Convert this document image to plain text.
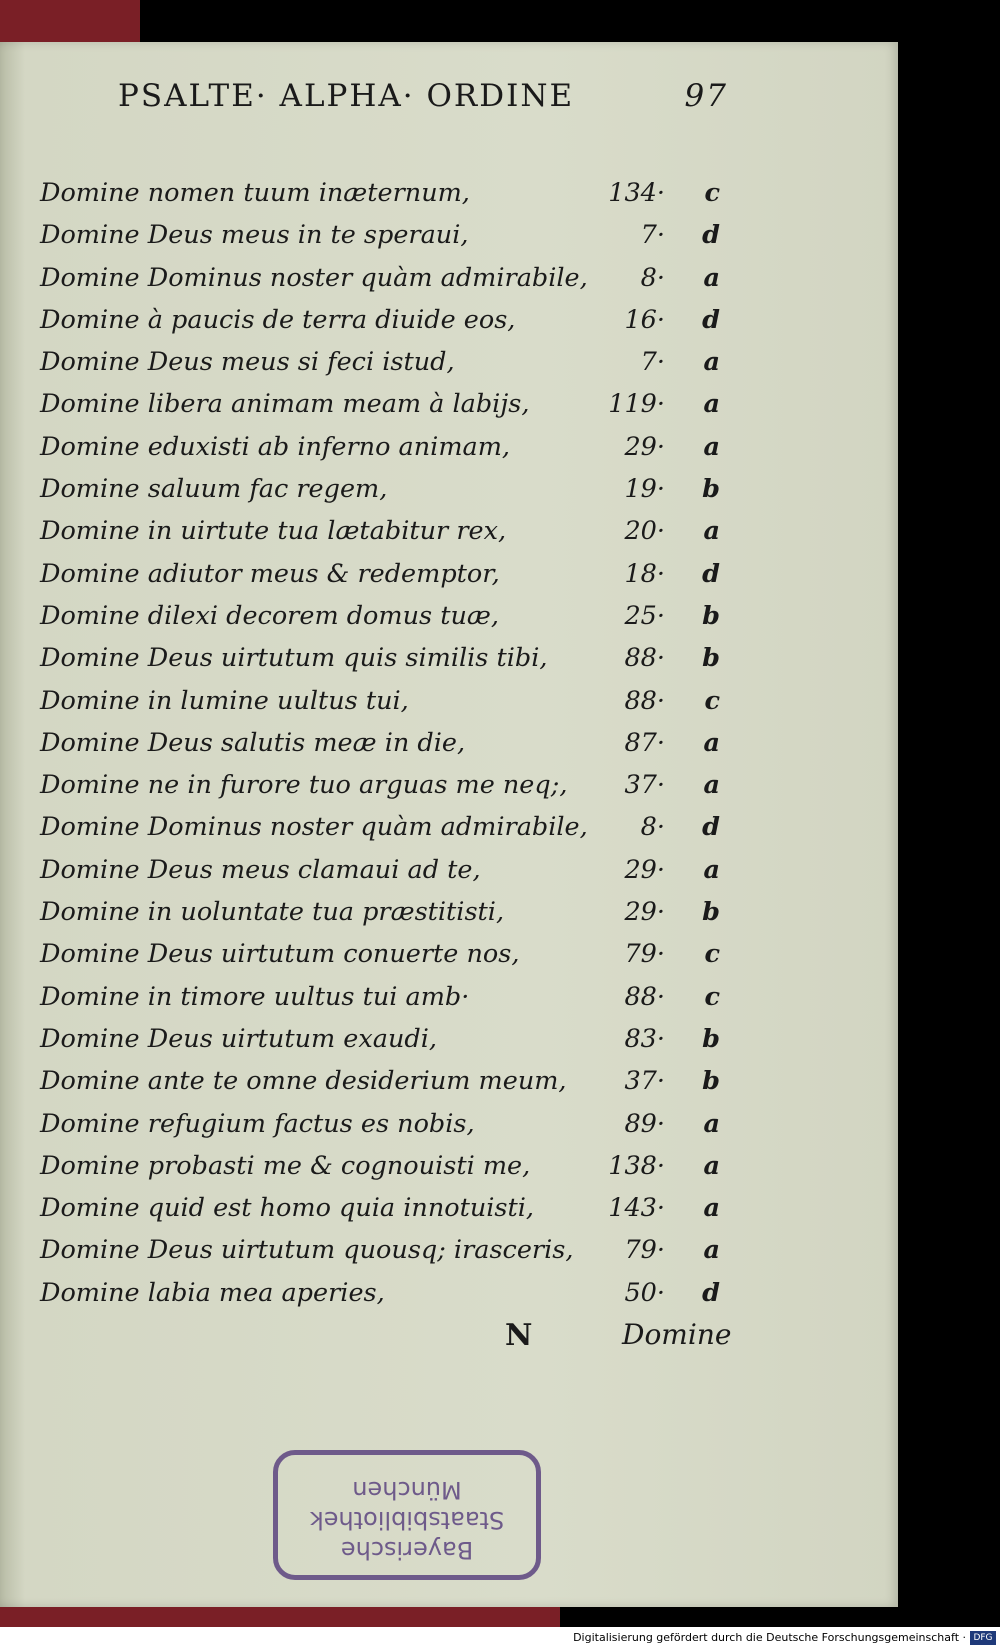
PSALTE· ALPHA· ORDINE	97
Domine nomen tuum inæternum,	134· c
Domine Deus meus in te speraui,	7· d
Domine Dominus noster quàm admirabile, 8· a
Domine à paucis de terra diuide eos,	16· d
Domine Deus meus si feci istud,	7· a
Domine libera animam meam à labijs,	119· a
Domine eduxisti ab inferno animam,	29· a
Domine saluum fac regem,	19· b
Domine in uirtute tua lætabitur rex,	20· a
Domine adiutor meus & redemptor,	18· d
Domine dilexi decorem domus tuæ,	25· b
Domine Deus uirtutum quis similis tibi,	88· b
Domine in lumine uultus tui,	88· c
Domine Deus salutis meæ in die,	87· a
Domine ne in furore tuo arguas me neq;, 37· a
Domine Dominus noster quàm admirabile, 8· d
Domine Deus meus clamaui ad te,	29· a
Domine in uoluntate tua præstitisti,	29· b
Domine Deus uirtutum conuerte nos,	79· c
Domine in timore uultus tui amb·	88· c
Domine Deus uirtutum exaudi,	83· b
Domine ante te omne desiderium meum, 37· b
Domine refugium factus es nobis,	89· a
Domine probasti me & cognouisti me,	138· a
Domine quid est homo quia innotuisti,	143· a
Domine Deus uirtutum quousq; irasceris, 79· a
Domine labia mea aperies,	50· d
N	Domine
Bayerische
Staatsbibliothek
München
Digitalisierung gefördert durch die Deutsche Forschungsgemeinschaft · DFG
